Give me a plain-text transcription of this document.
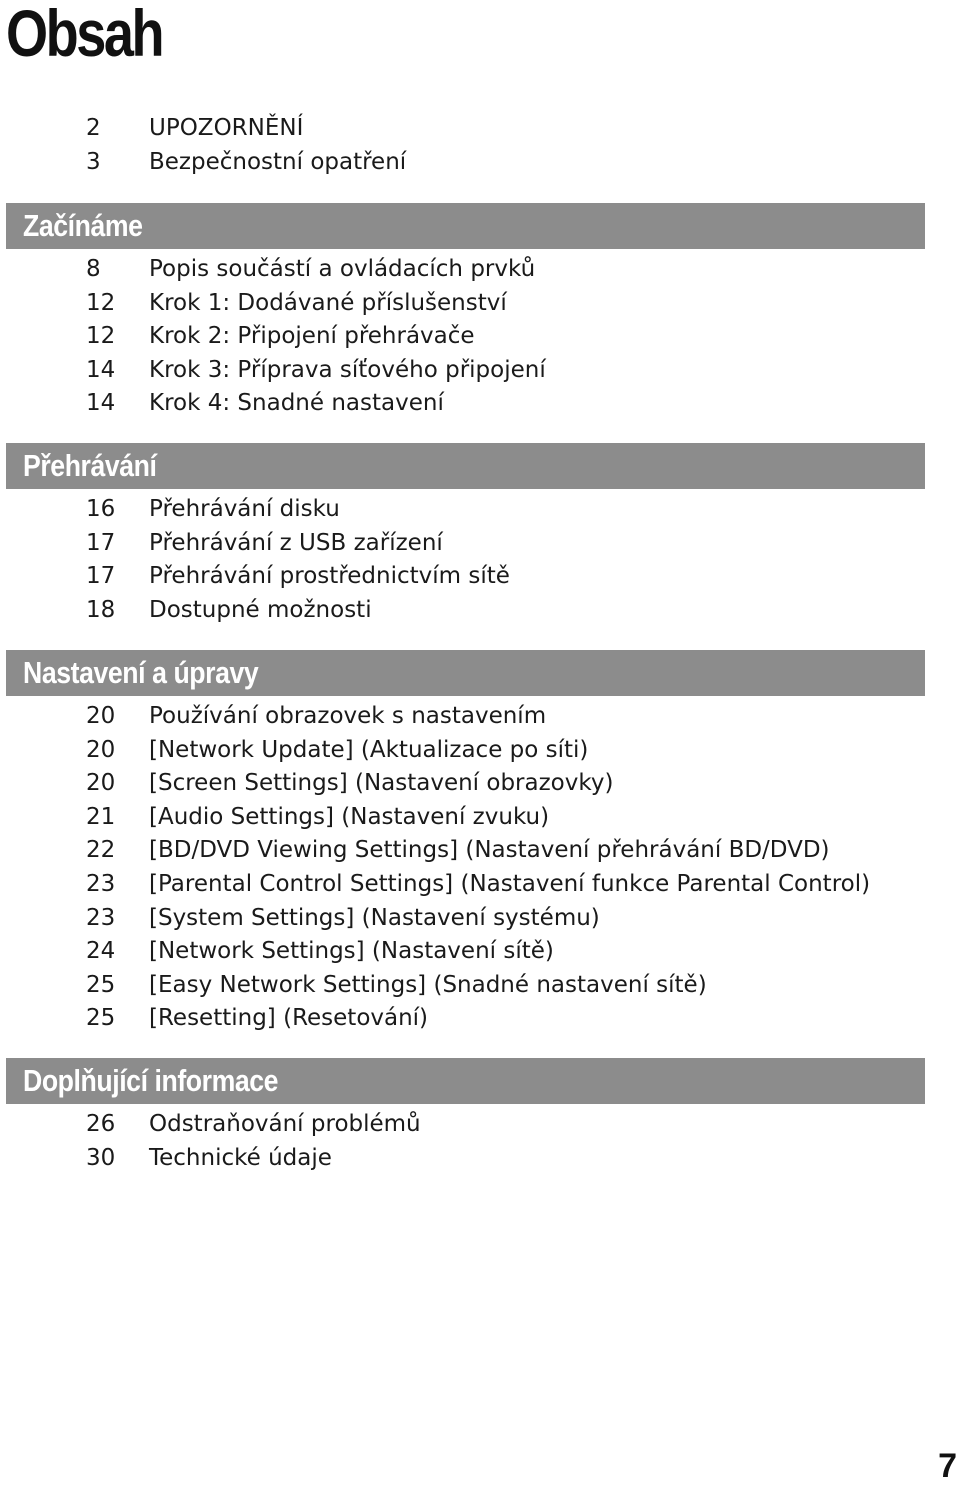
Obsah
2 UPOZORNĚNÍ
3 Bezpečnostní opatření
Začínáme
8 Popis součástí a ovládacích prvků
12 Krok 1: Dodávané příslušenství
12 Krok 2: Připojení přehrávače
14 Krok 3: Příprava síťového připojení
14 Krok 4: Snadné nastavení
Přehrávání
16 Přehrávání disku
17 Přehrávání z USB zařízení
17 Přehrávání prostřednictvím sítě
18 Dostupné možnosti
Nastavení a úpravy
20 Používání obrazovek s nastavením
20 [Network Update] (Aktualizace po síti)
20 [Screen Settings] (Nastavení obrazovky)
21 [Audio Settings] (Nastavení zvuku)
22 [BD/DVD Viewing Settings] (Nastavení přehrávání BD/DVD)
23 [Parental Control Settings] (Nastavení funkce Parental Control)
23 [System Settings] (Nastavení systému)
24 [Network Settings] (Nastavení sítě)
25 [Easy Network Settings] (Snadné nastavení sítě)
25 [Resetting] (Resetování)
Doplňující informace
26 Odstraňování problémů
30 Technické údaje
7
